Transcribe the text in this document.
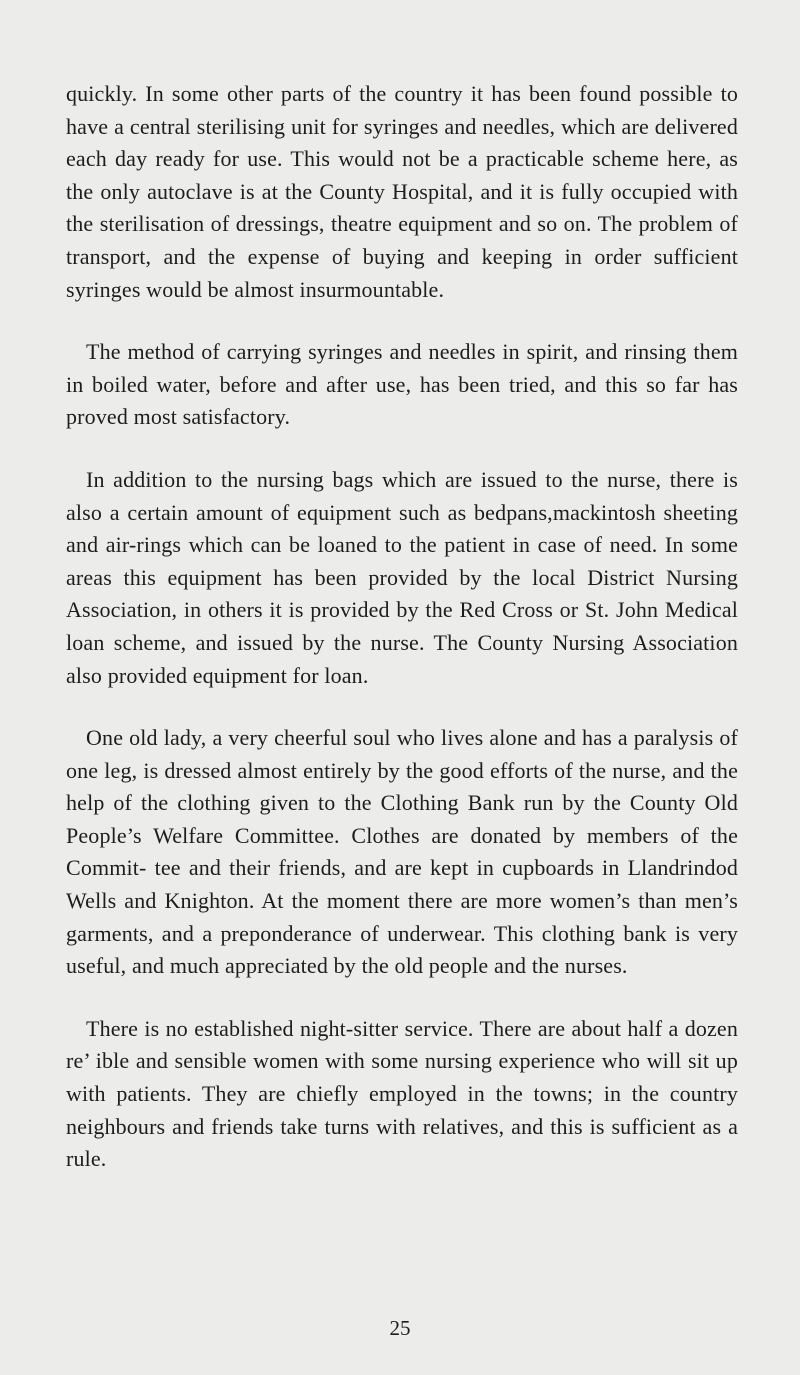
quickly. In some other parts of the country it has been found possible to have a central sterilising unit for syringes and needles, which are delivered each day ready for use. This would not be a practicable scheme here, as the only autoclave is at the County Hospital, and it is fully occupied with the sterilisation of dressings, theatre equipment and so on. The problem of transport, and the expense of buying and keeping in order sufficient syringes would be almost insurmountable.

The method of carrying syringes and needles in spirit, and rinsing them in boiled water, before and after use, has been tried, and this so far has proved most satisfactory.

In addition to the nursing bags which are issued to the nurse, there is also a certain amount of equipment such as bedpans,mackintosh sheeting and air-rings which can be loaned to the patient in case of need. In some areas this equipment has been provided by the local District Nursing Association, in others it is provided by the Red Cross or St. John Medical loan scheme, and issued by the nurse. The County Nursing Association also provided equipment for loan.

One old lady, a very cheerful soul who lives alone and has a paralysis of one leg, is dressed almost entirely by the good efforts of the nurse, and the help of the clothing given to the Clothing Bank run by the County Old People’s Welfare Committee. Clothes are donated by members of the Commit- tee and their friends, and are kept in cupboards in Llandrindod Wells and Knighton. At the moment there are more women’s than men’s garments, and a preponderance of underwear. This clothing bank is very useful, and much appreciated by the old people and the nurses.

There is no established night-sitter service. There are about half a dozen re’ ible and sensible women with some nursing experience who will sit up with patients. They are chiefly employed in the towns; in the country neighbours and friends take turns with relatives, and this is sufficient as a rule.

25
